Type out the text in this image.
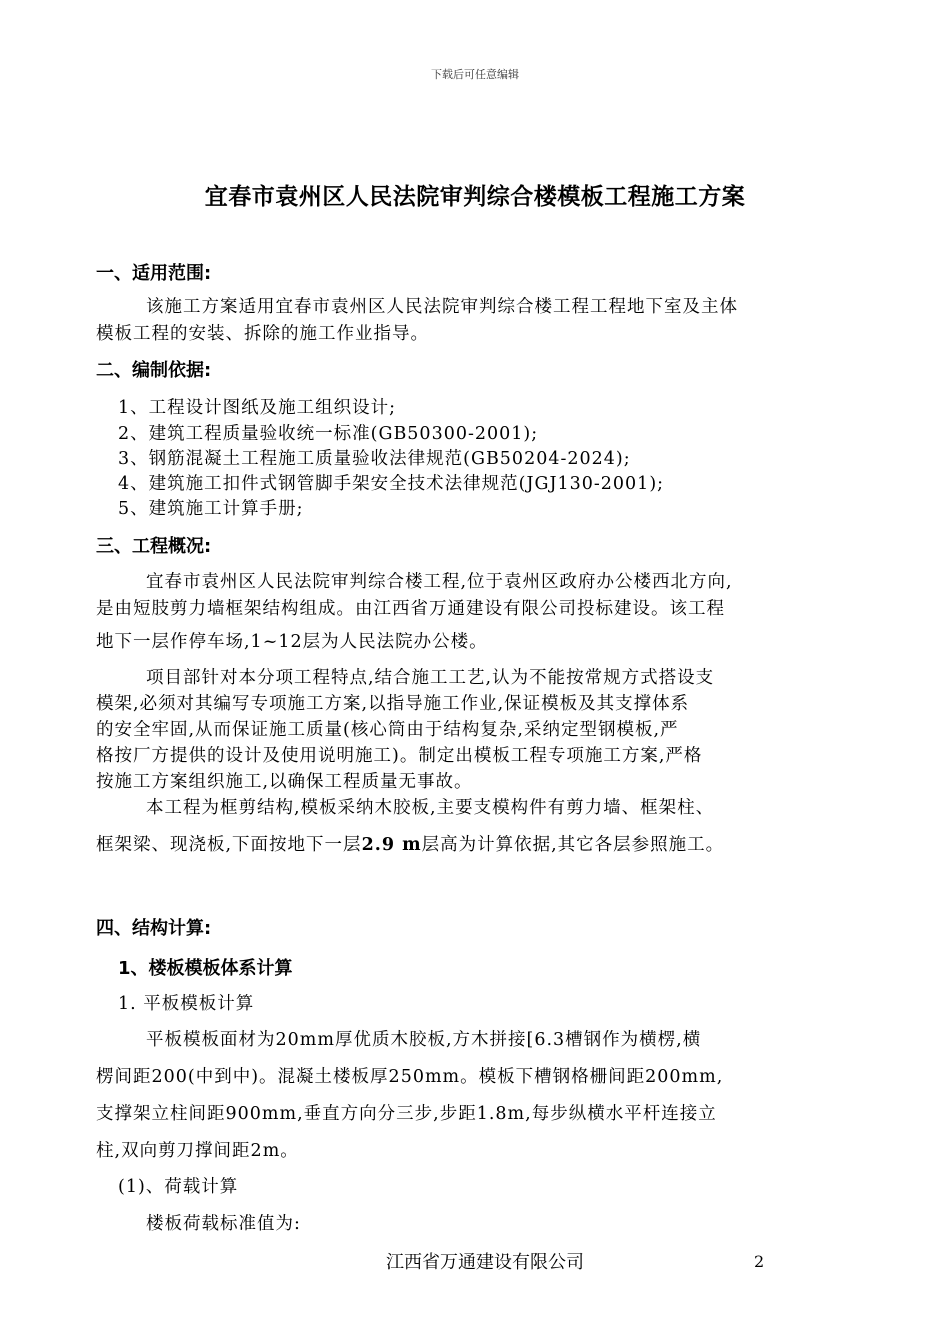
下载后可任意编辑
宜春市袁州区人民法院审判综合楼模板工程施工方案
一、适用范围:
该施工方案适用宜春市袁州区人民法院审判综合楼工程工程地下室及主体
模板工程的安装、拆除的施工作业指导。
二、编制依据:
1、工程设计图纸及施工组织设计;
2、建筑工程质量验收统一标准(GB50300-2001);
3、钢筋混凝土工程施工质量验收法律规范(GB50204-2024);
4、建筑施工扣件式钢管脚手架安全技术法律规范(JGJ130-2001);
5、建筑施工计算手册;
三、工程概况:
宜春市袁州区人民法院审判综合楼工程,位于袁州区政府办公楼西北方向,
是由短肢剪力墙框架结构组成。由江西省万通建设有限公司投标建设。该工程
地下一层作停车场,1~12层为人民法院办公楼。
项目部针对本分项工程特点,结合施工工艺,认为不能按常规方式搭设支
模架,必须对其编写专项施工方案,以指导施工作业,保证模板及其支撑体系
的安全牢固,从而保证施工质量(核心筒由于结构复杂,采纳定型钢模板,严
格按厂方提供的设计及使用说明施工)。制定出模板工程专项施工方案,严格
按施工方案组织施工,以确保工程质量无事故。
本工程为框剪结构,模板采纳木胶板,主要支模构件有剪力墙、框架柱、
框架梁、现浇板,下面按地下一层2.9 m层高为计算依据,其它各层参照施工。
四、结构计算:
1、楼板模板体系计算
1. 平板模板计算
平板模板面材为20mm厚优质木胶板,方木拼接[6.3槽钢作为横楞,横
楞间距200(中到中)。混凝土楼板厚250mm。模板下槽钢格栅间距200mm,
支撑架立柱间距900mm,垂直方向分三步,步距1.8m,每步纵横水平杆连接立
柱,双向剪刀撑间距2m。
(1)、荷载计算
楼板荷载标准值为:
江西省万通建设有限公司	2
